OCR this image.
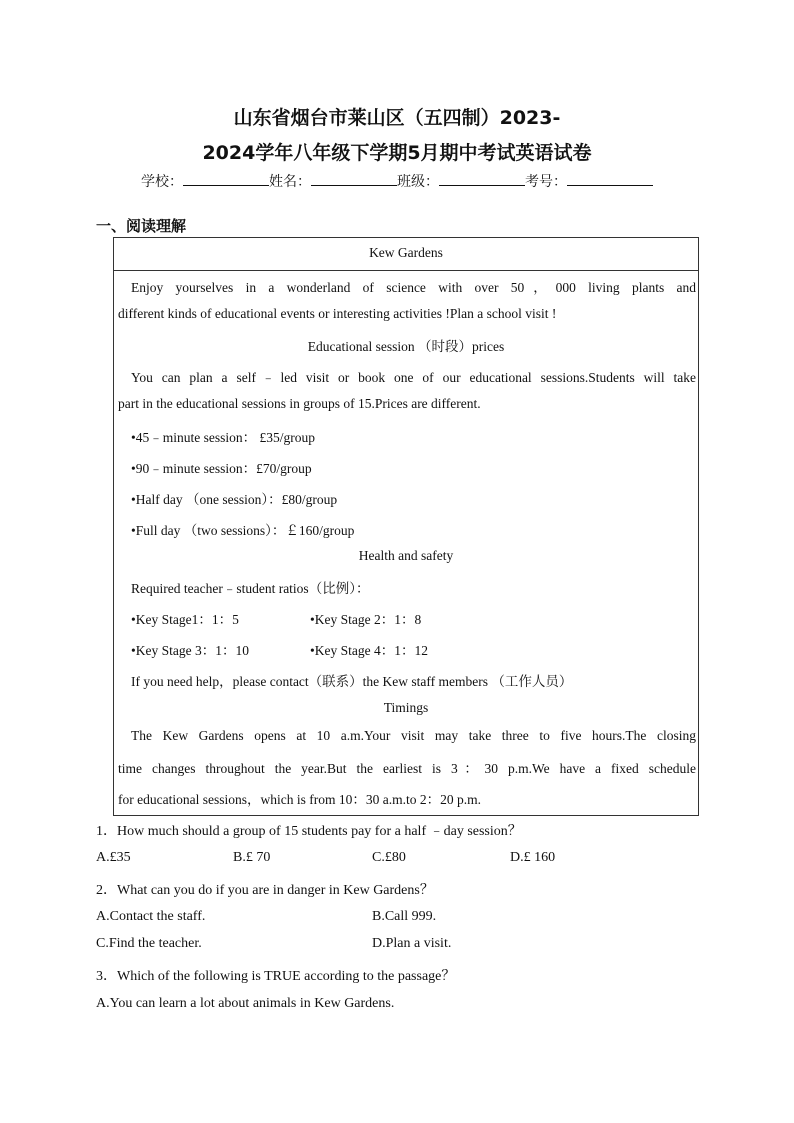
山东省烟台市莱山区（五四制）2023-
2024学年八年级下学期5月期中考试英语试卷
学校：	姓名：	班级：	考号：
一、阅读理解
Kew Gardens
Enjoy yourselves in a wonderland of science with over 50，000 living plants and
different kinds of educational events or interesting activities !Plan a school visit !
Educational session （时段）prices
You can plan a self﹣led visit or book one of our educational sessions.Students will take
part in the educational sessions in groups of 15.Prices are different.
•45﹣minute session： £35/group
•90﹣minute session：£70/group
•Half day （one session）：£80/group
•Full day （two sessions）：￡160/group
Health and safety
Required teacher﹣student ratios（比例）：
•Key Stage1：1：5	•Key Stage 2：1：8
•Key Stage 3：1：10	•Key Stage 4：1：12
If you need help，please contact（联系）the Kew staff members （工作人员）
Timings
The Kew Gardens opens at 10 a.m.Your visit may take three to five hours.The closing
time changes throughout the year.But the earliest is 3：30 p.m.We have a fixed schedule
for educational sessions，which is from 10：30 a.m.to 2：20 p.m.
1．How much should a group of 15 students pay for a half ﹣day session？
A.£35	B.£ 70	C.£80	D.£ 160
2．What can you do if you are in danger in Kew Gardens？
A.Contact the staff.	B.Call 999.
C.Find the teacher.	D.Plan a visit.
3．Which of the following is TRUE according to the passage？
A.You can learn a lot about animals in Kew Gardens.
